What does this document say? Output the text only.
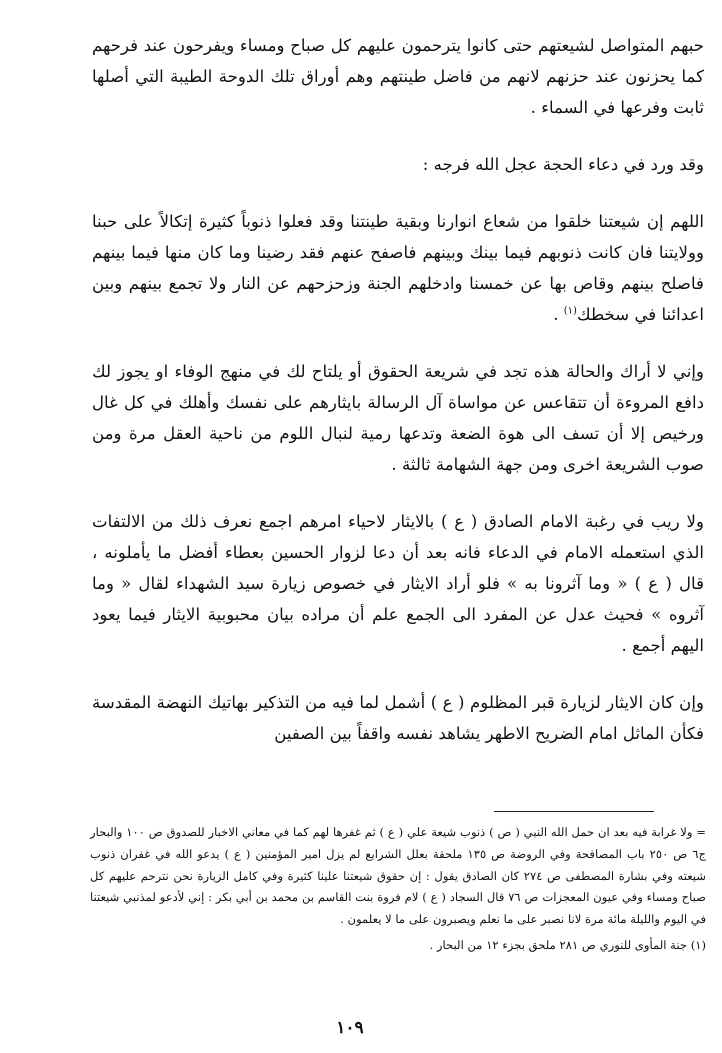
حبهم المتواصل لشيعتهم حتى كانوا يترحمون عليهم كل صباح ومساء ويفرحون عند فرحهم كما يحزنون عند حزنهم لانهم من فاضل طينتهم وهم أوراق تلك الدوحة الطيبة التي أصلها ثابت وفرعها في السماء .

وقد ورد في دعاء الحجة عجل الله فرجه :

اللهم إن شيعتنا خلقوا من شعاع انوارنا وبقية طينتنا وقد فعلوا ذنوباً كثيرة إتكالاً على حبنا وولايتنا فان كانت ذنوبهم فيما بينك وبينهم فاصفح عنهم فقد رضينا وما كان منها فيما بينهم فاصلح بينهم وقاص بها عن خمسنا وادخلهم الجنة وزحزحهم عن النار ولا تجمع بينهم وبين اعدائنا في سخطك$^{(١)}$ .

وإني لا أراك والحالة هذه تجد في شريعة الحقوق أو يلتاح لك في منهج الوفاء او يجوز لك دافع المروءة أن تتقاعس عن مواساة آل الرسالة بايثارهم على نفسك وأهلك في كل غال ورخيص إلا أن تسف الى هوة الضعة وتدعها رمية لنبال اللوم من ناحية العقل مرة ومن صوب الشريعة اخرى ومن جهة الشهامة ثالثة .

ولا ريب في رغبة الامام الصادق ( ع ) بالايثار لاحياء امرهم اجمع نعرف ذلك من الالتفات الذي استعمله الامام في الدعاء فانه بعد أن دعا لزوار الحسين بعطاء أفضل ما يأملونه ، قال ( ع ) « وما آثرونا به » فلو أراد الايثار في خصوص زيارة سيد الشهداء لقال « وما آثروه » فحيث عدل عن المفرد الى الجمع علم أن مراده بيان محبوبية الايثار فيما يعود اليهم أجمع .

وإن كان الايثار لزيارة قبر المظلوم ( ع ) أشمل لما فيه من التذكير بهاتيك النهضة المقدسة فكأن الماثل امام الضريح الاطهر يشاهد نفسه واقفاً بين الصفين

= ولا غرابة فيه بعد ان حمل الله النبي ( ص ) ذنوب شيعة علي ( ع ) ثم غفرها لهم كما في معاني الاخبار للصدوق ص ١٠٠ والبحار ج٦ ص ٢٥٠ باب المصافحة وفي الروضة ص ١٣٥ ملحقة بعلل الشرايع لم يزل امير المؤمنين ( ع ) يدعو الله في غفران ذنوب شيعته وفي بشارة المصطفى ص ٢٧٤ كان الصادق يقول : إن حقوق شيعتنا علينا كثيرة وفي كامل الزيارة نحن نترحم عليهم كل صباح ومساء وفي عيون المعجزات ص ٧٦ قال السجاد ( ع ) لام فروة بنت القاسم بن محمد بن أبي بكر : إني لأدعو لمذنبي شيعتنا في اليوم والليلة مائة مرة لانا نصبر على ما نعلم ويصبرون على ما لا يعلمون .

(١) جنة المأوى للنوري ص ٢٨١ ملحق بجزء ١٢ من البحار .

١٠٩
